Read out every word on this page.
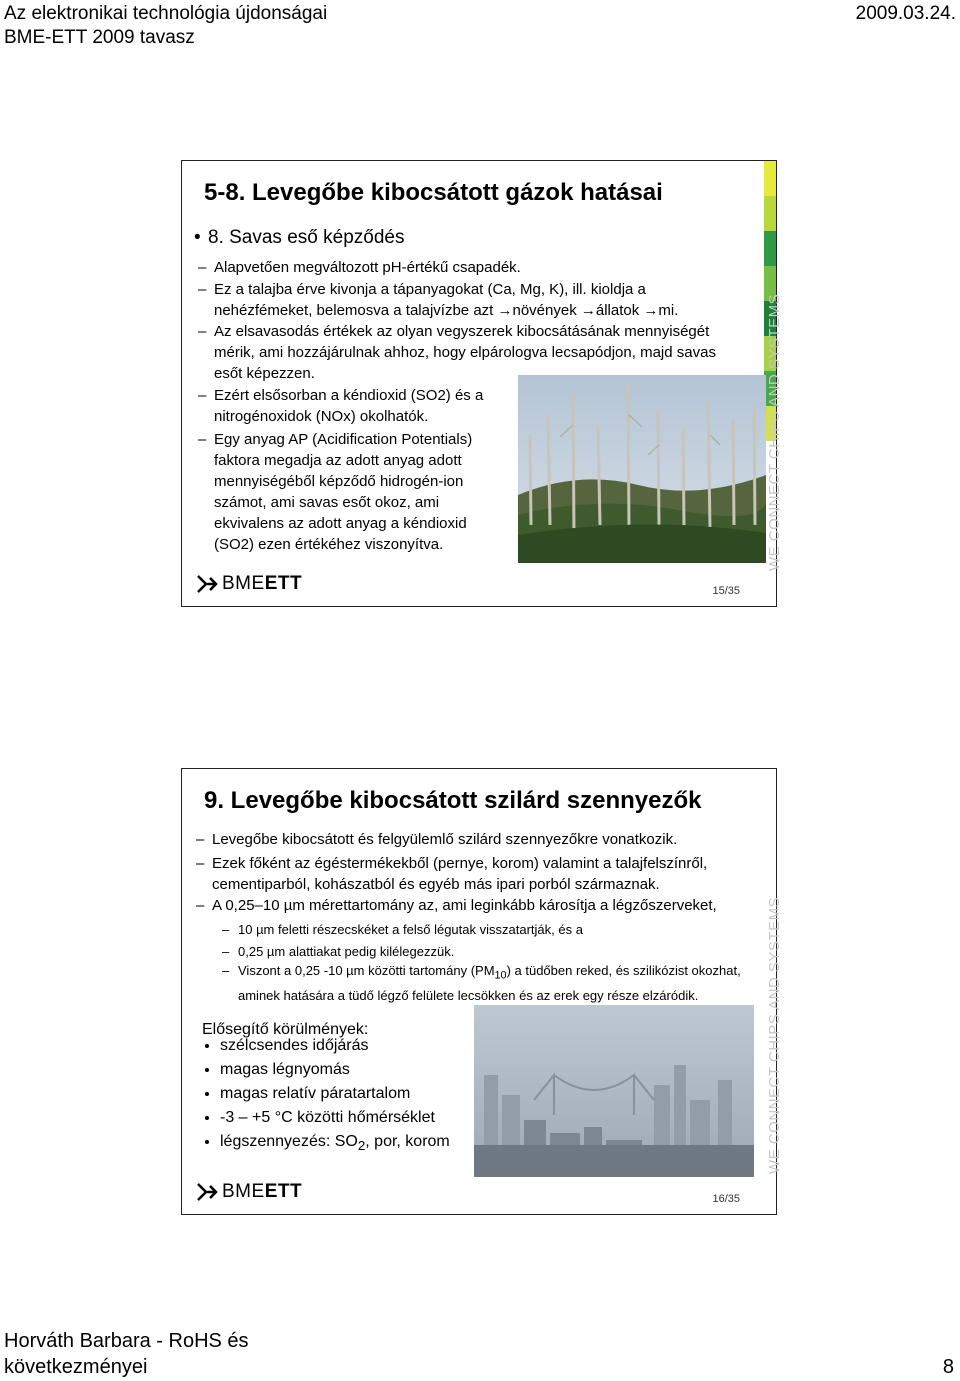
Az elektronikai technológia újdonságai
BME-ETT 2009 tavasz
2009.03.24.
WE CONNECT CHIPS AND SYSTEMS
5-8. Levegőbe kibocsátott gázok hatásai
• 8. Savas eső képződés
– Alapvetően megváltozott pH-értékű csapadék.
– Ez a talajba érve kivonja a tápanyagokat (Ca, Mg, K), ill. kioldja a nehézfémeket, belemosva a talajvízbe azt →növények →állatok →mi.
– Az elsavasodás értékek az olyan vegyszerek kibocsátásának mennyiségét mérik, ami hozzájárulnak ahhoz, hogy elpárologva lecsapódjon, majd savas esőt képezzen.
– Ezért elsősorban a kéndioxid (SO2) és a nitrogénoxidok (NOx) okolhatók.
– Egy anyag AP (Acidification Potentials) faktora megadja az adott anyag adott mennyiségéből képződő hidrogén-ion számot, ami savas esőt okoz, ami ekvivalens az adott anyag a kéndioxid (SO2) ezen értékéhez viszonyítva.
BMEETT	15/35
WE CONNECT CHIPS AND SYSTEMS
9. Levegőbe kibocsátott szilárd szennyezők
– Levegőbe kibocsátott és felgyülemlő szilárd szennyezőkre vonatkozik.
– Ezek főként az égéstermékekből (pernye, korom) valamint a talajfelszínről, cementiparból, kohászatból és egyéb más ipari porból származnak.
– A 0,25–10 µm mérettartomány az, ami leginkább károsítja a légzőszerveket,
– 10 µm feletti részecskéket a felső légutak visszatartják, és a
– 0,25 µm alattiakat pedig kilélegezzük.
– Viszont a 0,25 -10 µm közötti tartomány $(PM_{10})$ a tüdőben reked, és szilikózist okozhat, aminek hatására a tüdő légző felülete lecsökken és az erek egy része elzáródik.
Elősegítő körülmények:
• szélcsendes időjárás
• magas légnyomás
• magas relatív páratartalom
• -3 – +5 °C közötti hőmérséklet
• légszennyezés: $SO_2$, por, korom
BMEETT	16/35
Horváth Barbara - RoHS és
következményei	8
